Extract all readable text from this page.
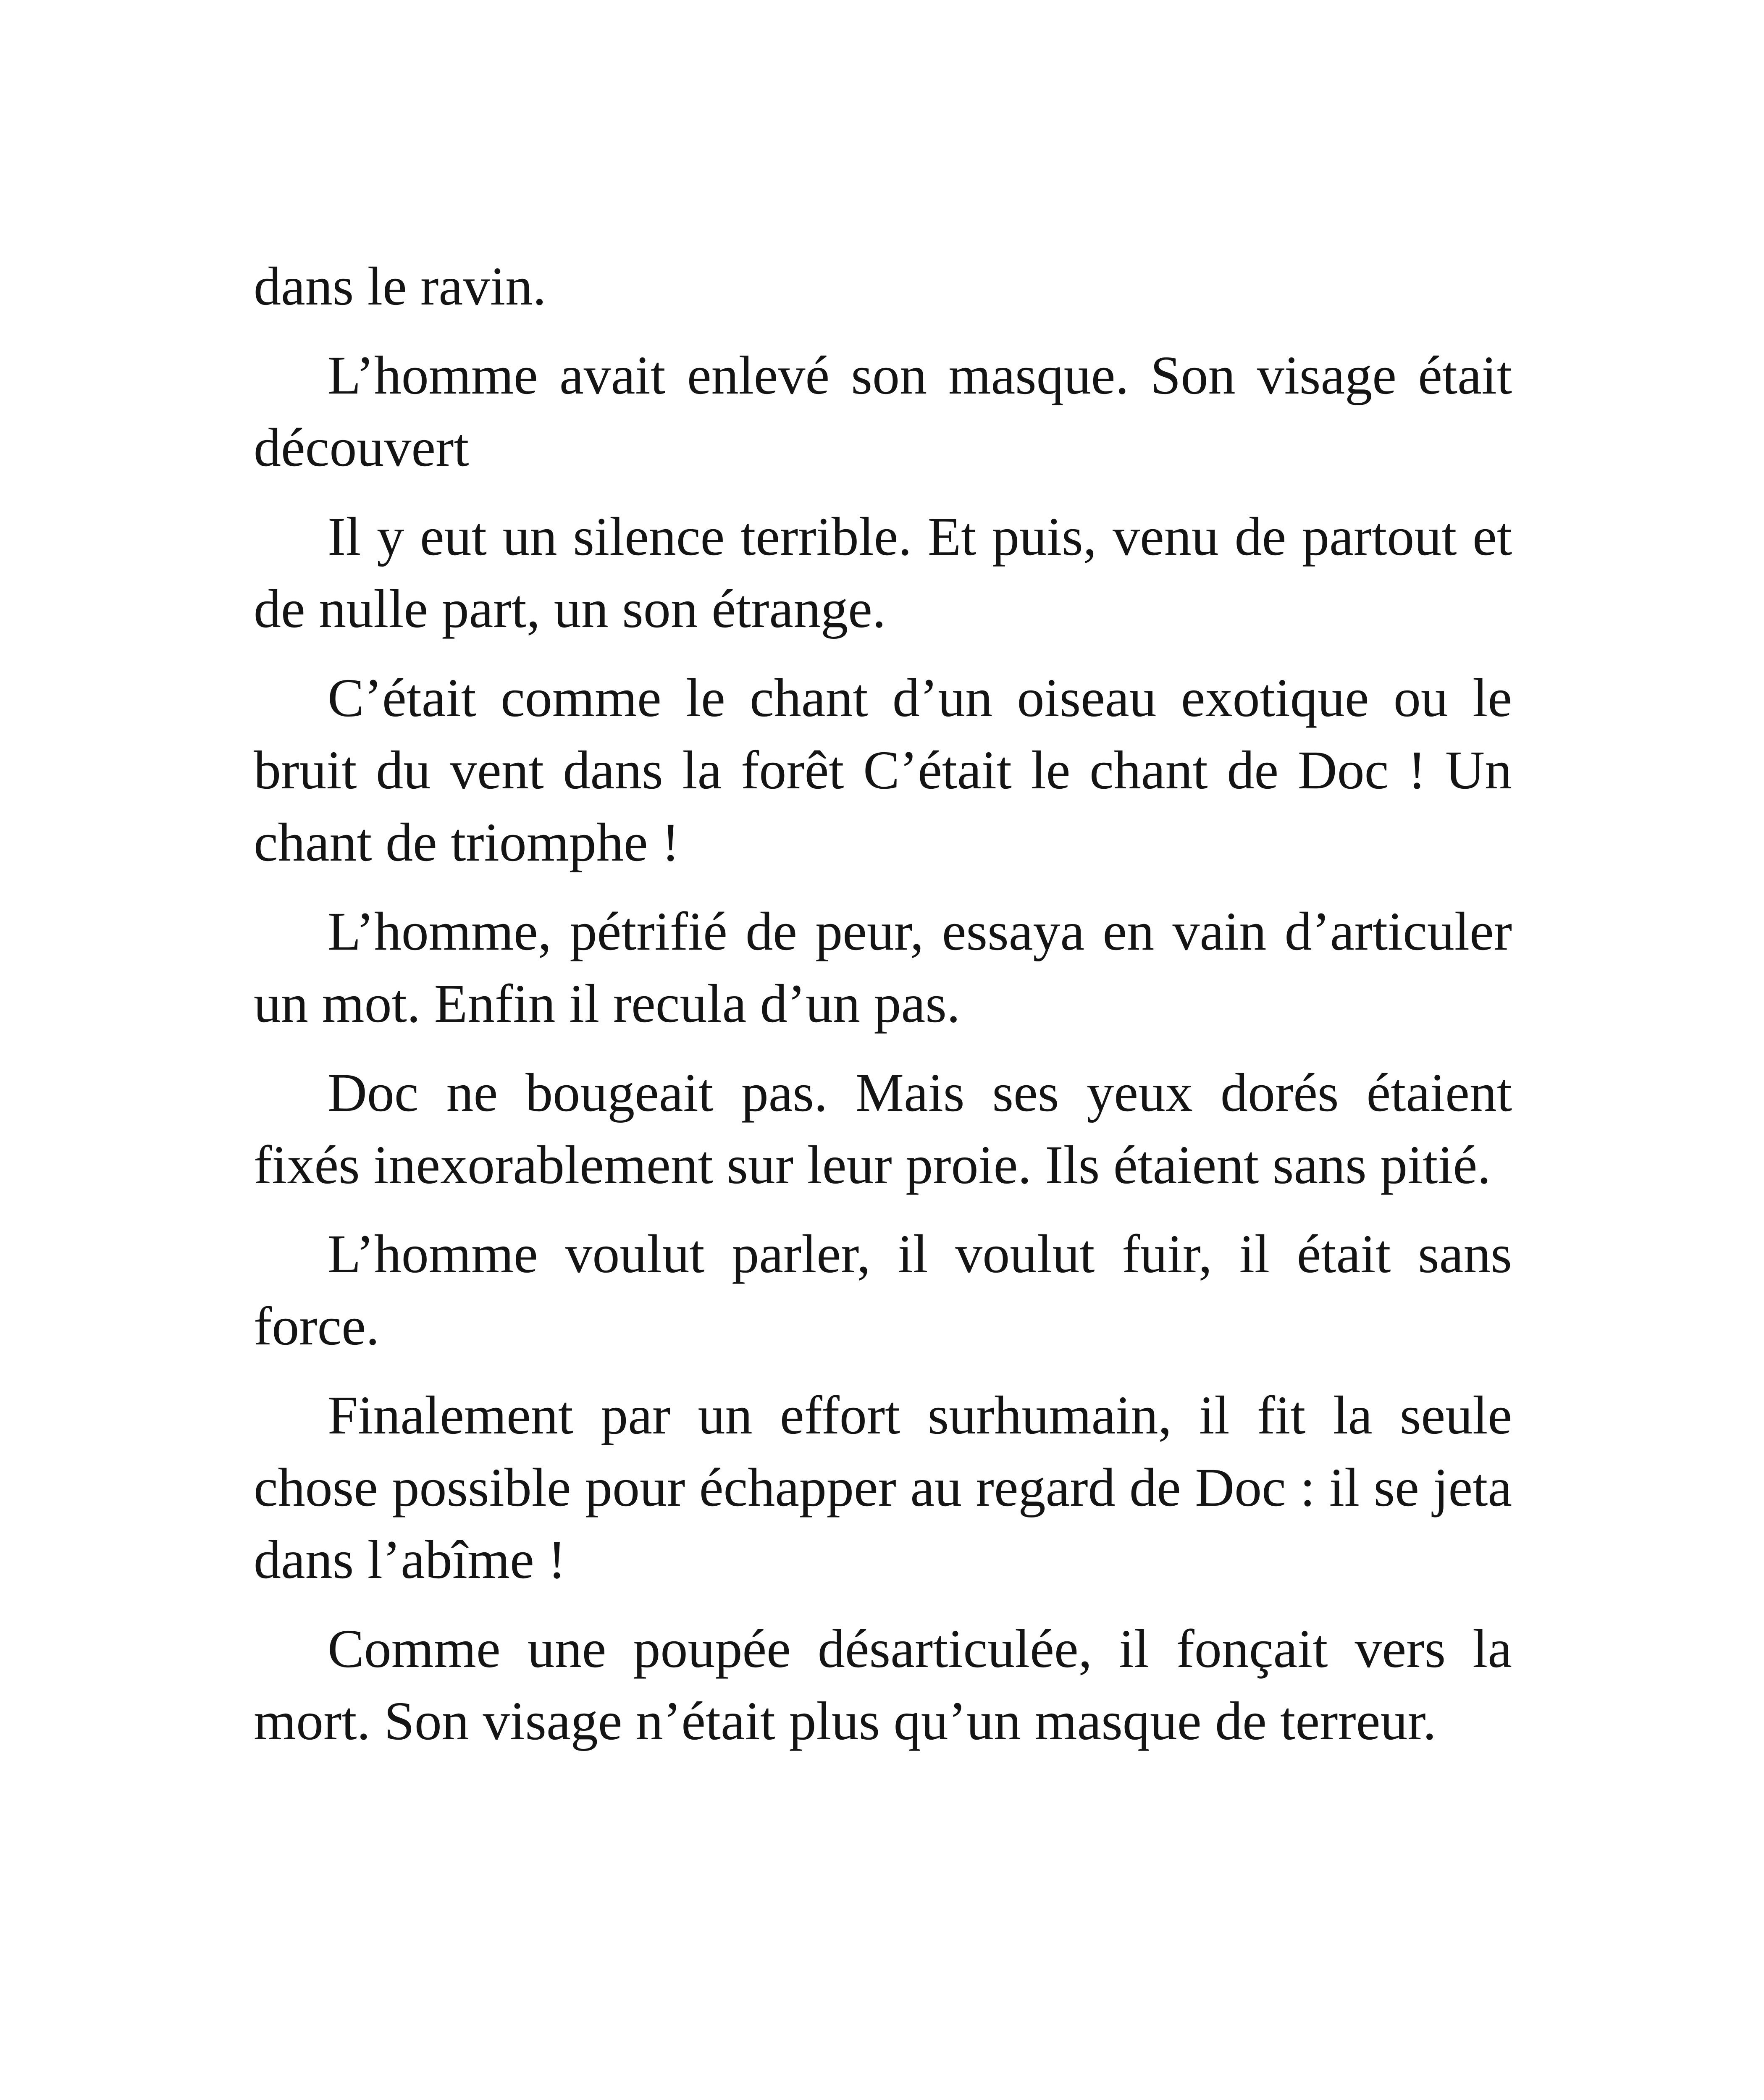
dans le ravin.

L’homme avait enlevé son masque. Son visage était découvert

Il y eut un silence terrible. Et puis, venu de partout et de nulle part, un son étrange.

C’était comme le chant d’un oiseau exotique ou le bruit du vent dans la forêt C’était le chant de Doc ! Un chant de triomphe !

L’homme, pétrifié de peur, essaya en vain d’articuler un mot. Enfin il recula d’un pas.

Doc ne bougeait pas. Mais ses yeux dorés étaient fixés inexorablement sur leur proie. Ils étaient sans pitié.

L’homme voulut parler, il voulut fuir, il était sans force.

Finalement par un effort surhumain, il fit la seule chose possible pour échapper au regard de Doc : il se jeta dans l’abîme !

Comme une poupée désarticulée, il fonçait vers la mort. Son visage n’était plus qu’un masque de terreur.
